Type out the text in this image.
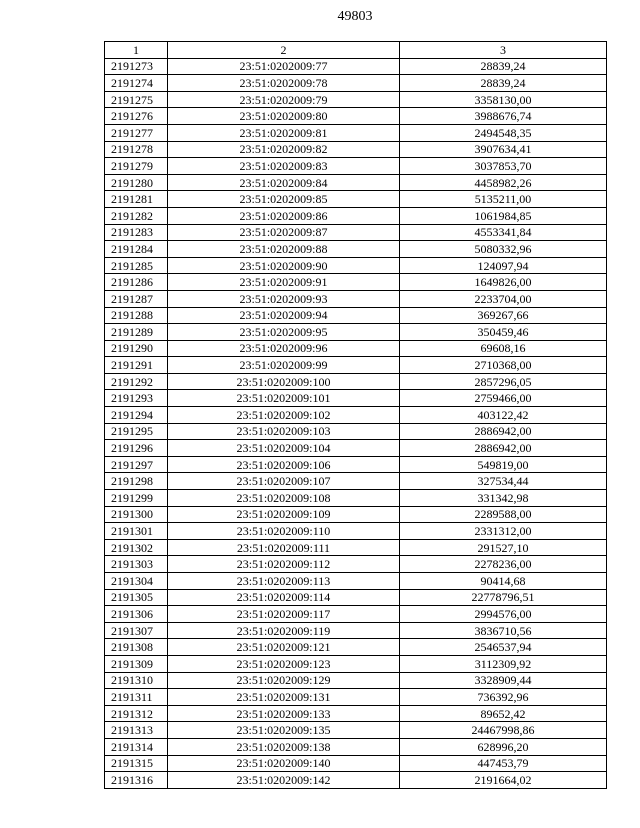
49803
1	2	3
2191273	23:51:0202009:77	28839,24
2191274	23:51:0202009:78	28839,24
2191275	23:51:0202009:79	3358130,00
2191276	23:51:0202009:80	3988676,74
2191277	23:51:0202009:81	2494548,35
2191278	23:51:0202009:82	3907634,41
2191279	23:51:0202009:83	3037853,70
2191280	23:51:0202009:84	4458982,26
2191281	23:51:0202009:85	5135211,00
2191282	23:51:0202009:86	1061984,85
2191283	23:51:0202009:87	4553341,84
2191284	23:51:0202009:88	5080332,96
2191285	23:51:0202009:90	124097,94
2191286	23:51:0202009:91	1649826,00
2191287	23:51:0202009:93	2233704,00
2191288	23:51:0202009:94	369267,66
2191289	23:51:0202009:95	350459,46
2191290	23:51:0202009:96	69608,16
2191291	23:51:0202009:99	2710368,00
2191292	23:51:0202009:100	2857296,05
2191293	23:51:0202009:101	2759466,00
2191294	23:51:0202009:102	403122,42
2191295	23:51:0202009:103	2886942,00
2191296	23:51:0202009:104	2886942,00
2191297	23:51:0202009:106	549819,00
2191298	23:51:0202009:107	327534,44
2191299	23:51:0202009:108	331342,98
2191300	23:51:0202009:109	2289588,00
2191301	23:51:0202009:110	2331312,00
2191302	23:51:0202009:111	291527,10
2191303	23:51:0202009:112	2278236,00
2191304	23:51:0202009:113	90414,68
2191305	23:51:0202009:114	22778796,51
2191306	23:51:0202009:117	2994576,00
2191307	23:51:0202009:119	3836710,56
2191308	23:51:0202009:121	2546537,94
2191309	23:51:0202009:123	3112309,92
2191310	23:51:0202009:129	3328909,44
2191311	23:51:0202009:131	736392,96
2191312	23:51:0202009:133	89652,42
2191313	23:51:0202009:135	24467998,86
2191314	23:51:0202009:138	628996,20
2191315	23:51:0202009:140	447453,79
2191316	23:51:0202009:142	2191664,02
